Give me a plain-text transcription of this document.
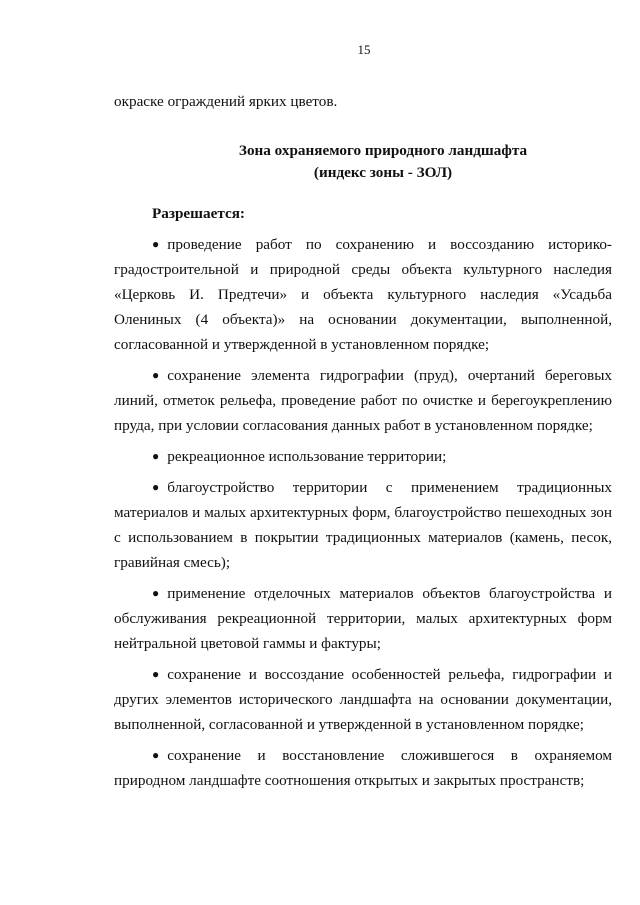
15

окраске ограждений ярких цветов.

Зона охраняемого природного ландшафта
(индекс зоны - ЗОЛ)
Разрешается:

● проведение работ по сохранению и воссозданию историко-градостроительной и природной среды объекта культурного наследия «Церковь И. Предтечи» и объекта культурного наследия «Усадьба Олениных (4 объекта)» на основании документации, выполненной, согласованной и утвержденной в установленном порядке;

● сохранение элемента гидрографии (пруд), очертаний береговых линий, отметок рельефа, проведение работ по очистке и берегоукреплению пруда, при условии согласования данных работ в установленном порядке;

● рекреационное использование территории;

● благоустройство территории с применением традиционных материалов и малых архитектурных форм, благоустройство пешеходных зон с использованием в покрытии традиционных материалов (камень, песок, гравийная смесь);

● применение отделочных материалов объектов благоустройства и обслуживания рекреационной территории, малых архитектурных форм нейтральной цветовой гаммы и фактуры;

● сохранение и воссоздание особенностей рельефа, гидрографии и других элементов исторического ландшафта на основании документации, выполненной, согласованной и утвержденной в установленном порядке;

● сохранение и восстановление сложившегося в охраняемом природном ландшафте соотношения открытых и закрытых пространств;
